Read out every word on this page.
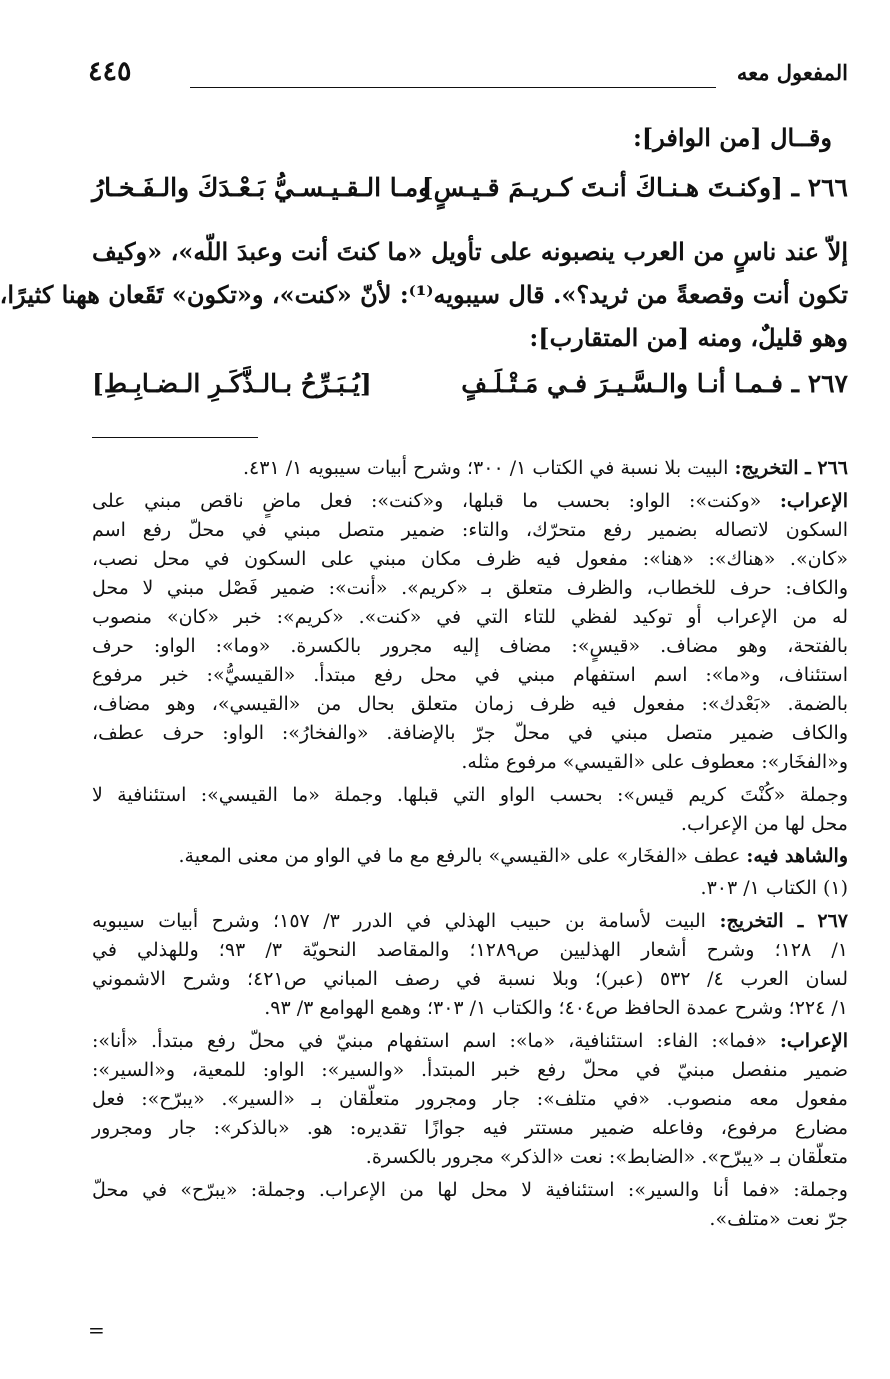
المفعول معه
٤٤٥
وقــال [من الوافر]:
٢٦٦ ـ [وكنـتَ هـنـاكَ أنـتَ كـريـمَ قـيـسٍ]
ومـا الـقـيـسـيُّ بَـعْـدَكَ والـفَـخـارُ
إلاّ عند ناسٍ من العرب ينصبونه على تأويل «ما كنتَ أنت وعبدَ اللّه»، «وكيف
تكون أنت وقصعةً من ثريد؟». قال سيبويه⁽¹⁾: لأنّ «كنت»، و«تكون» تَقَعان ههنا كثيرًا،
وهو قليلٌ، ومنه [من المتقارب]:
٢٦٧ ـ فـمـا أنـا والـسَّـيـرَ فـي مَـتْـلَـفٍ
[يُـبَـرِّحُ بـالـذَّكَـرِ الـضـابِـطِ]
٢٦٦ ـ التخريج: البيت بلا نسبة في الكتاب ١/ ٣٠٠؛ وشرح أبيات سيبويه ١/ ٤٣١.
الإعراب: «وكنت»: الواو: بحسب ما قبلها، و«كنت»: فعل ماضٍ ناقص مبني على
السكون لاتصاله بضمير رفع متحرّك، والتاء: ضمير متصل مبني في محلّ رفع اسم
«كان». «هناك»: «هنا»: مفعول فيه ظرف مكان مبني على السكون في محل نصب،
والكاف: حرف للخطاب، والظرف متعلق بـ «كريم». «أنت»: ضمير فَصْل مبني لا محل
له من الإعراب أو توكيد لفظي للتاء التي في «كنت». «كريم»: خبر «كان» منصوب
بالفتحة، وهو مضاف. «قيسٍ»: مضاف إليه مجرور بالكسرة. «وما»: الواو: حرف
استئناف، و«ما»: اسم استفهام مبني في محل رفع مبتدأ. «القيسيُّ»: خبر مرفوع
بالضمة. «بَعْدك»: مفعول فيه ظرف زمان متعلق بحال من «القيسي»، وهو مضاف،
والكاف ضمير متصل مبني في محلّ جرّ بالإضافة. «والفخارُ»: الواو: حرف عطف،
و«الفخَار»: معطوف على «القيسي» مرفوع مثله.
وجملة «كُنْتَ كريم قيس»: بحسب الواو التي قبلها. وجملة «ما القيسي»: استئنافية لا
محل لها من الإعراب.
والشاهد فيه: عطف «الفخَار» على «القيسي» بالرفع مع ما في الواو من معنى المعية.
(١) الكتاب ١/ ٣٠٣.
٢٦٧ ـ التخريج: البيت لأسامة بن حبيب الهذلي في الدرر ٣/ ١٥٧؛ وشرح أبيات سيبويه
١/ ١٢٨؛ وشرح أشعار الهذليين ص١٢٨٩؛ والمقاصد النحويّة ٣/ ٩٣؛ وللهذلي في
لسان العرب ٤/ ٥٣٢ (عبر)؛ وبلا نسبة في رصف المباني ص٤٢١؛ وشرح الاشموني
١/ ٢٢٤؛ وشرح عمدة الحافظ ص٤٠٤؛ والكتاب ١/ ٣٠٣؛ وهمع الهوامع ٣/ ٩٣.
الإعراب: «فما»: الفاء: استئنافية، «ما»: اسم استفهام مبنيّ في محلّ رفع مبتدأ. «أنا»:
ضمير منفصل مبنيّ في محلّ رفع خبر المبتدأ. «والسير»: الواو: للمعية، و«السير»:
مفعول معه منصوب. «في متلف»: جار ومجرور متعلّقان بـ «السير». «يبرّح»: فعل
مضارع مرفوع، وفاعله ضمير مستتر فيه جوازًا تقديره: هو. «بالذكر»: جار ومجرور
متعلّقان بـ «يبرّح». «الضابط»: نعت «الذكر» مجرور بالكسرة.
وجملة: «فما أنا والسير»: استئنافية لا محل لها من الإعراب. وجملة: «يبرّح» في محلّ
جرّ نعت «متلف».
=
